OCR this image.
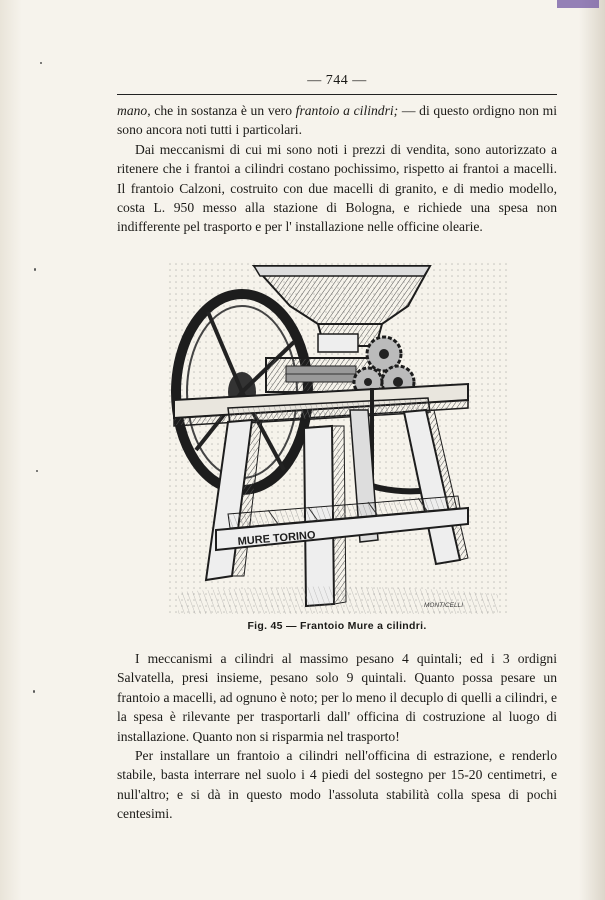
— 744 —

mano, che in sostanza è un vero frantoio a cilindri; — di questo ordigno non mi sono ancora noti tutti i particolari.

Dai meccanismi di cui mi sono noti i prezzi di vendita, sono autorizzato a ritenere che i frantoi a cilindri costano pochissimo, rispetto ai frantoi a macelli. Il frantoio Calzoni, costruito con due macelli di granito, e di medio modello, costa L. 950 messo alla stazione di Bologna, e richiede una spesa non indifferente pel trasporto e per l' installazione nelle officine olearie.

MURE TORINO
Fig. 45 — Frantoio Mure a cilindri.

I meccanismi a cilindri al massimo pesano 4 quintali; ed i 3 ordigni Salvatella, presi insieme, pesano solo 9 quintali. Quanto possa pesare un frantoio a macelli, ad ognuno è noto; per lo meno il decuplo di quelli a cilindri, e la spesa è rilevante per trasportarli dall' officina di costruzione al luogo di installazione. Quanto non si risparmia nel trasporto!

Per installare un frantoio a cilindri nell'officina di estrazione, e renderlo stabile, basta interrare nel suolo i 4 piedi del sostegno per 15-20 centimetri, e null'altro; e si dà in questo modo l'assoluta stabilità colla spesa di pochi centesimi.
